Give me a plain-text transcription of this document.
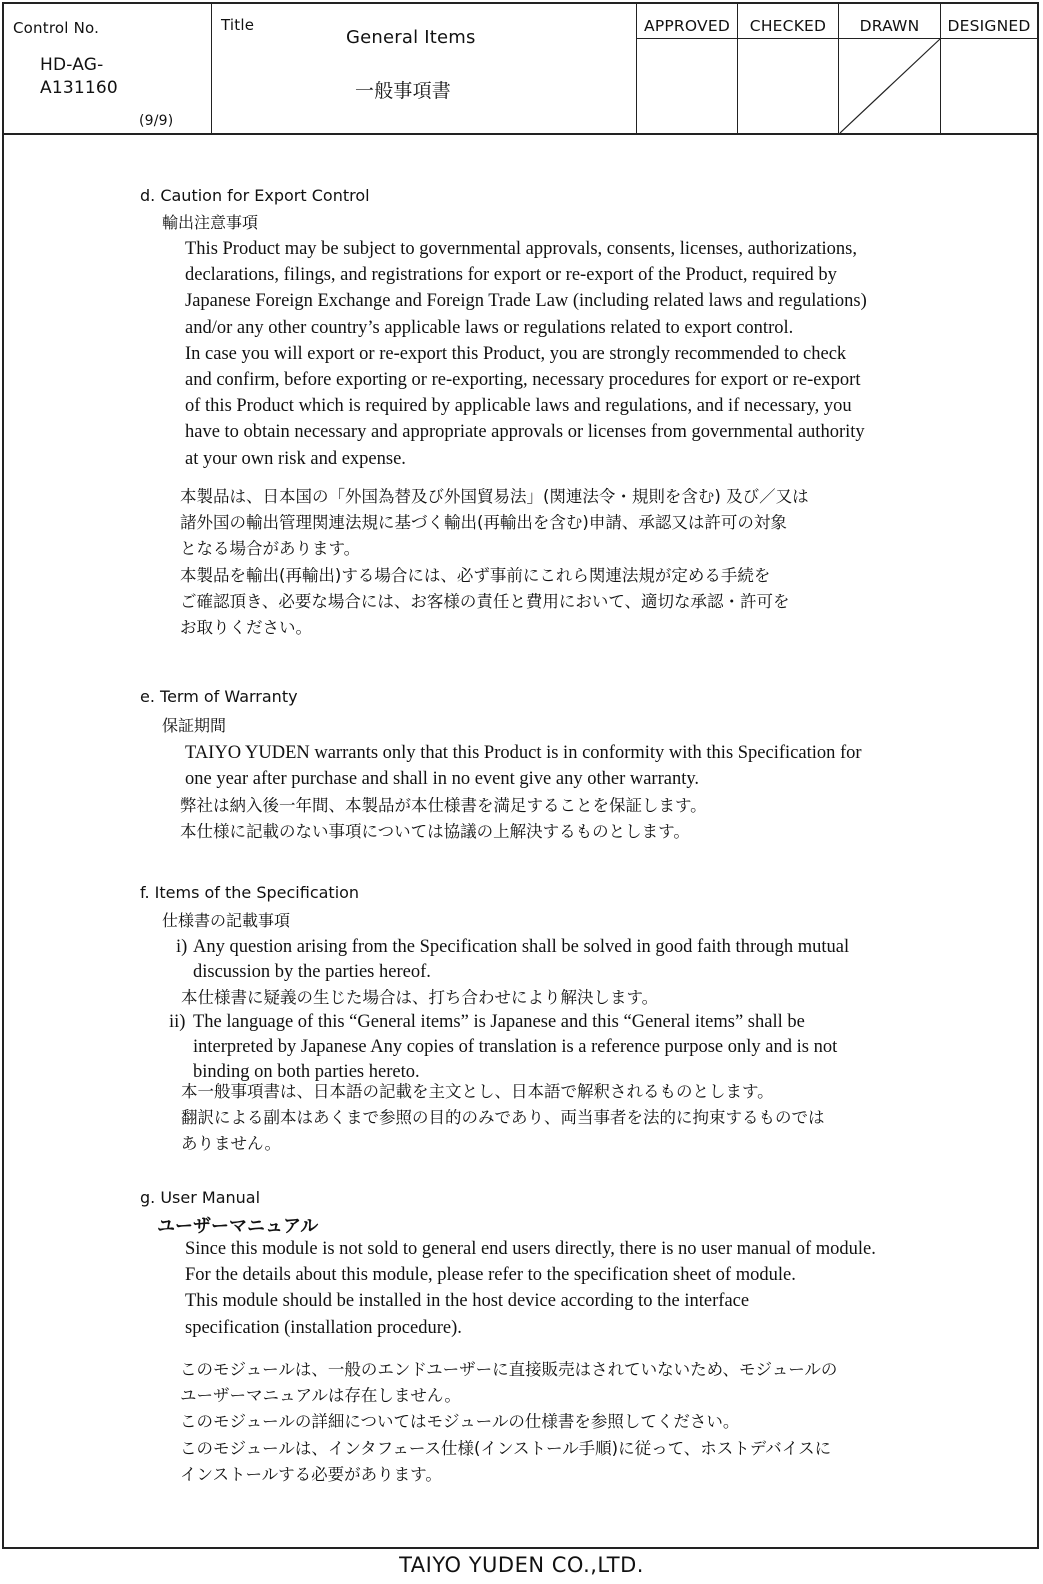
Control No.
HD-AG-
A131160
(9/9)
Title
General Items
一般事項書
APPROVED	CHECKED	DRAWN	DESIGNED
d. Caution for Export Control
輸出注意事項
This Product may be subject to governmental approvals, consents, licenses, authorizations,
declarations, filings, and registrations for export or re-export of the Product, required by
Japanese Foreign Exchange and Foreign Trade Law (including related laws and regulations)
and/or any other country’s applicable laws or regulations related to export control.
In case you will export or re-export this Product, you are strongly recommended to check
and confirm, before exporting or re-exporting, necessary procedures for export or re-export
of this Product which is required by applicable laws and regulations, and if necessary, you
have to obtain necessary and appropriate approvals or licenses from governmental authority
at your own risk and expense.
本製品は、日本国の「外国為替及び外国貿易法」(関連法令・規則を含む) 及び／又は
諸外国の輸出管理関連法規に基づく輸出(再輸出を含む)申請、承認又は許可の対象
となる場合があります。
本製品を輸出(再輸出)する場合には、必ず事前にこれら関連法規が定める手続を
ご確認頂き、必要な場合には、お客様の責任と費用において、適切な承認・許可を
お取りください。
e. Term of Warranty
保証期間
TAIYO YUDEN warrants only that this Product is in conformity with this Specification for
one year after purchase and shall in no event give any other warranty.
弊社は納入後一年間、本製品が本仕様書を満足することを保証します。
本仕様に記載のない事項については協議の上解決するものとします。
f. Items of the Specification
仕様書の記載事項
i) Any question arising from the Specification shall be solved in good faith through mutual
discussion by the parties hereof.
本仕様書に疑義の生じた場合は、打ち合わせにより解決します。
ii) The language of this “General items” is Japanese and this “General items” shall be
interpreted by Japanese Any copies of translation is a reference purpose only and is not
binding on both parties hereto.
本一般事項書は、日本語の記載を主文とし、日本語で解釈されるものとします。
翻訳による副本はあくまで参照の目的のみであり、両当事者を法的に拘束するものでは
ありません。
g. User Manual
ユーザーマニュアル
Since this module is not sold to general end users directly, there is no user manual of module.
For the details about this module, please refer to the specification sheet of module.
This module should be installed in the host device according to the interface
specification (installation procedure).
このモジュールは、一般のエンドユーザーに直接販売はされていないため、モジュールの
ユーザーマニュアルは存在しません。
このモジュールの詳細についてはモジュールの仕様書を参照してください。
このモジュールは、インタフェース仕様(インストール手順)に従って、ホストデバイスに
インストールする必要があります。
TAIYO YUDEN CO.,LTD.
